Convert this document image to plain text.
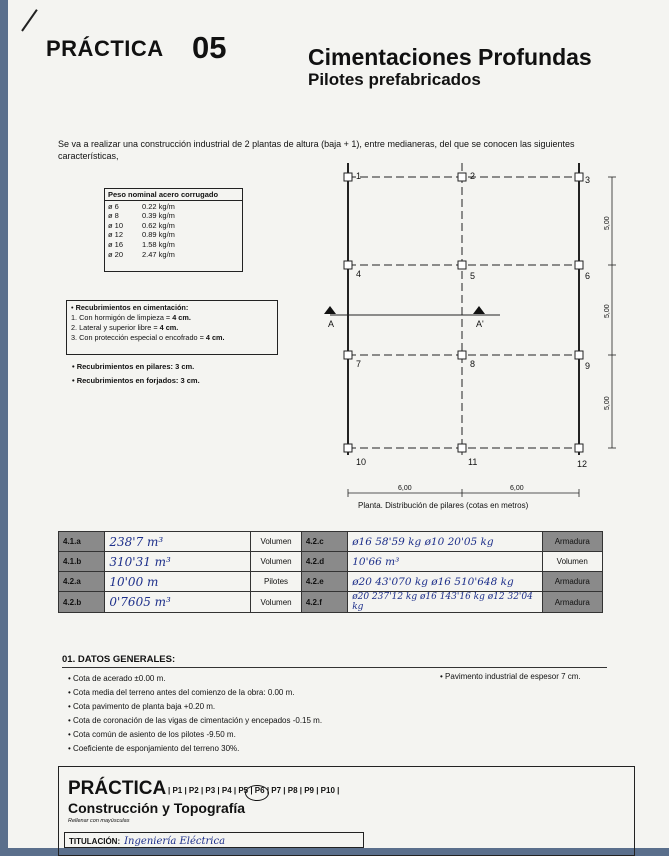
PRÁCTICA 05	Cimentaciones Profundas
Pilotes prefabricados
Se va a realizar una construcción industrial de 2 plantas de altura (baja + 1), entre medianeras, del que se conocen las siguientes características,
Peso nominal acero corrugado
ø 6	0.22 kg/m
ø 8	0.39 kg/m
ø 10	0.62 kg/m
ø 12	0.89 kg/m
ø 16	1.58 kg/m
ø 20	2.47 kg/m
• Recubrimientos en cimentación:
1. Con hormigón de limpieza = 4 cm.
2. Lateral y superior libre = 4 cm.
3. Con protección especial o encofrado = 4 cm.
• Recubrimientos en pilares: 3 cm.
• Recubrimientos en forjados: 3 cm.
1	2	3
4	5	6
7	8	9
10	11	12
A	A'
6,00	6,00
5,00
5,00
5,00
Planta. Distribución de pilares (cotas en metros)
4.1.a	238'7 m³	Volumen	4.2.c	ø16 58'59 kg ø10 20'05 kg	Armadura
4.1.b	310'31 m³	Volumen	4.2.d	10'66 m³	Volumen
4.2.a	10'00 m	Pilotes	4.2.e	ø20 43'070 kg ø16 510'648 kg	Armadura
4.2.b	0'7605 m³	Volumen	4.2.f	ø20 237'12 kg ø16 143'16 kg ø12 32'04 kg	Armadura
01. DATOS GENERALES:
• Cota de acerado ±0.00 m.
• Cota media del terreno antes del comienzo de la obra: 0.00 m.
• Cota pavimento de planta baja +0.20 m.
• Cota de coronación de las vigas de cimentación y encepados -0.15 m.
• Cota común de asiento de los pilotes -9.50 m.
• Coeficiente de esponjamiento del terreno 30%.
• Pavimento industrial de espesor 7 cm.
PRÁCTICA | P1 | P2 | P3 | P4 | P5 | P6 | P7 | P8 | P9 | P10 |
Construcción y Topografía
Rellenar con mayúsculas
TITULACIÓN: Ingeniería Eléctrica
